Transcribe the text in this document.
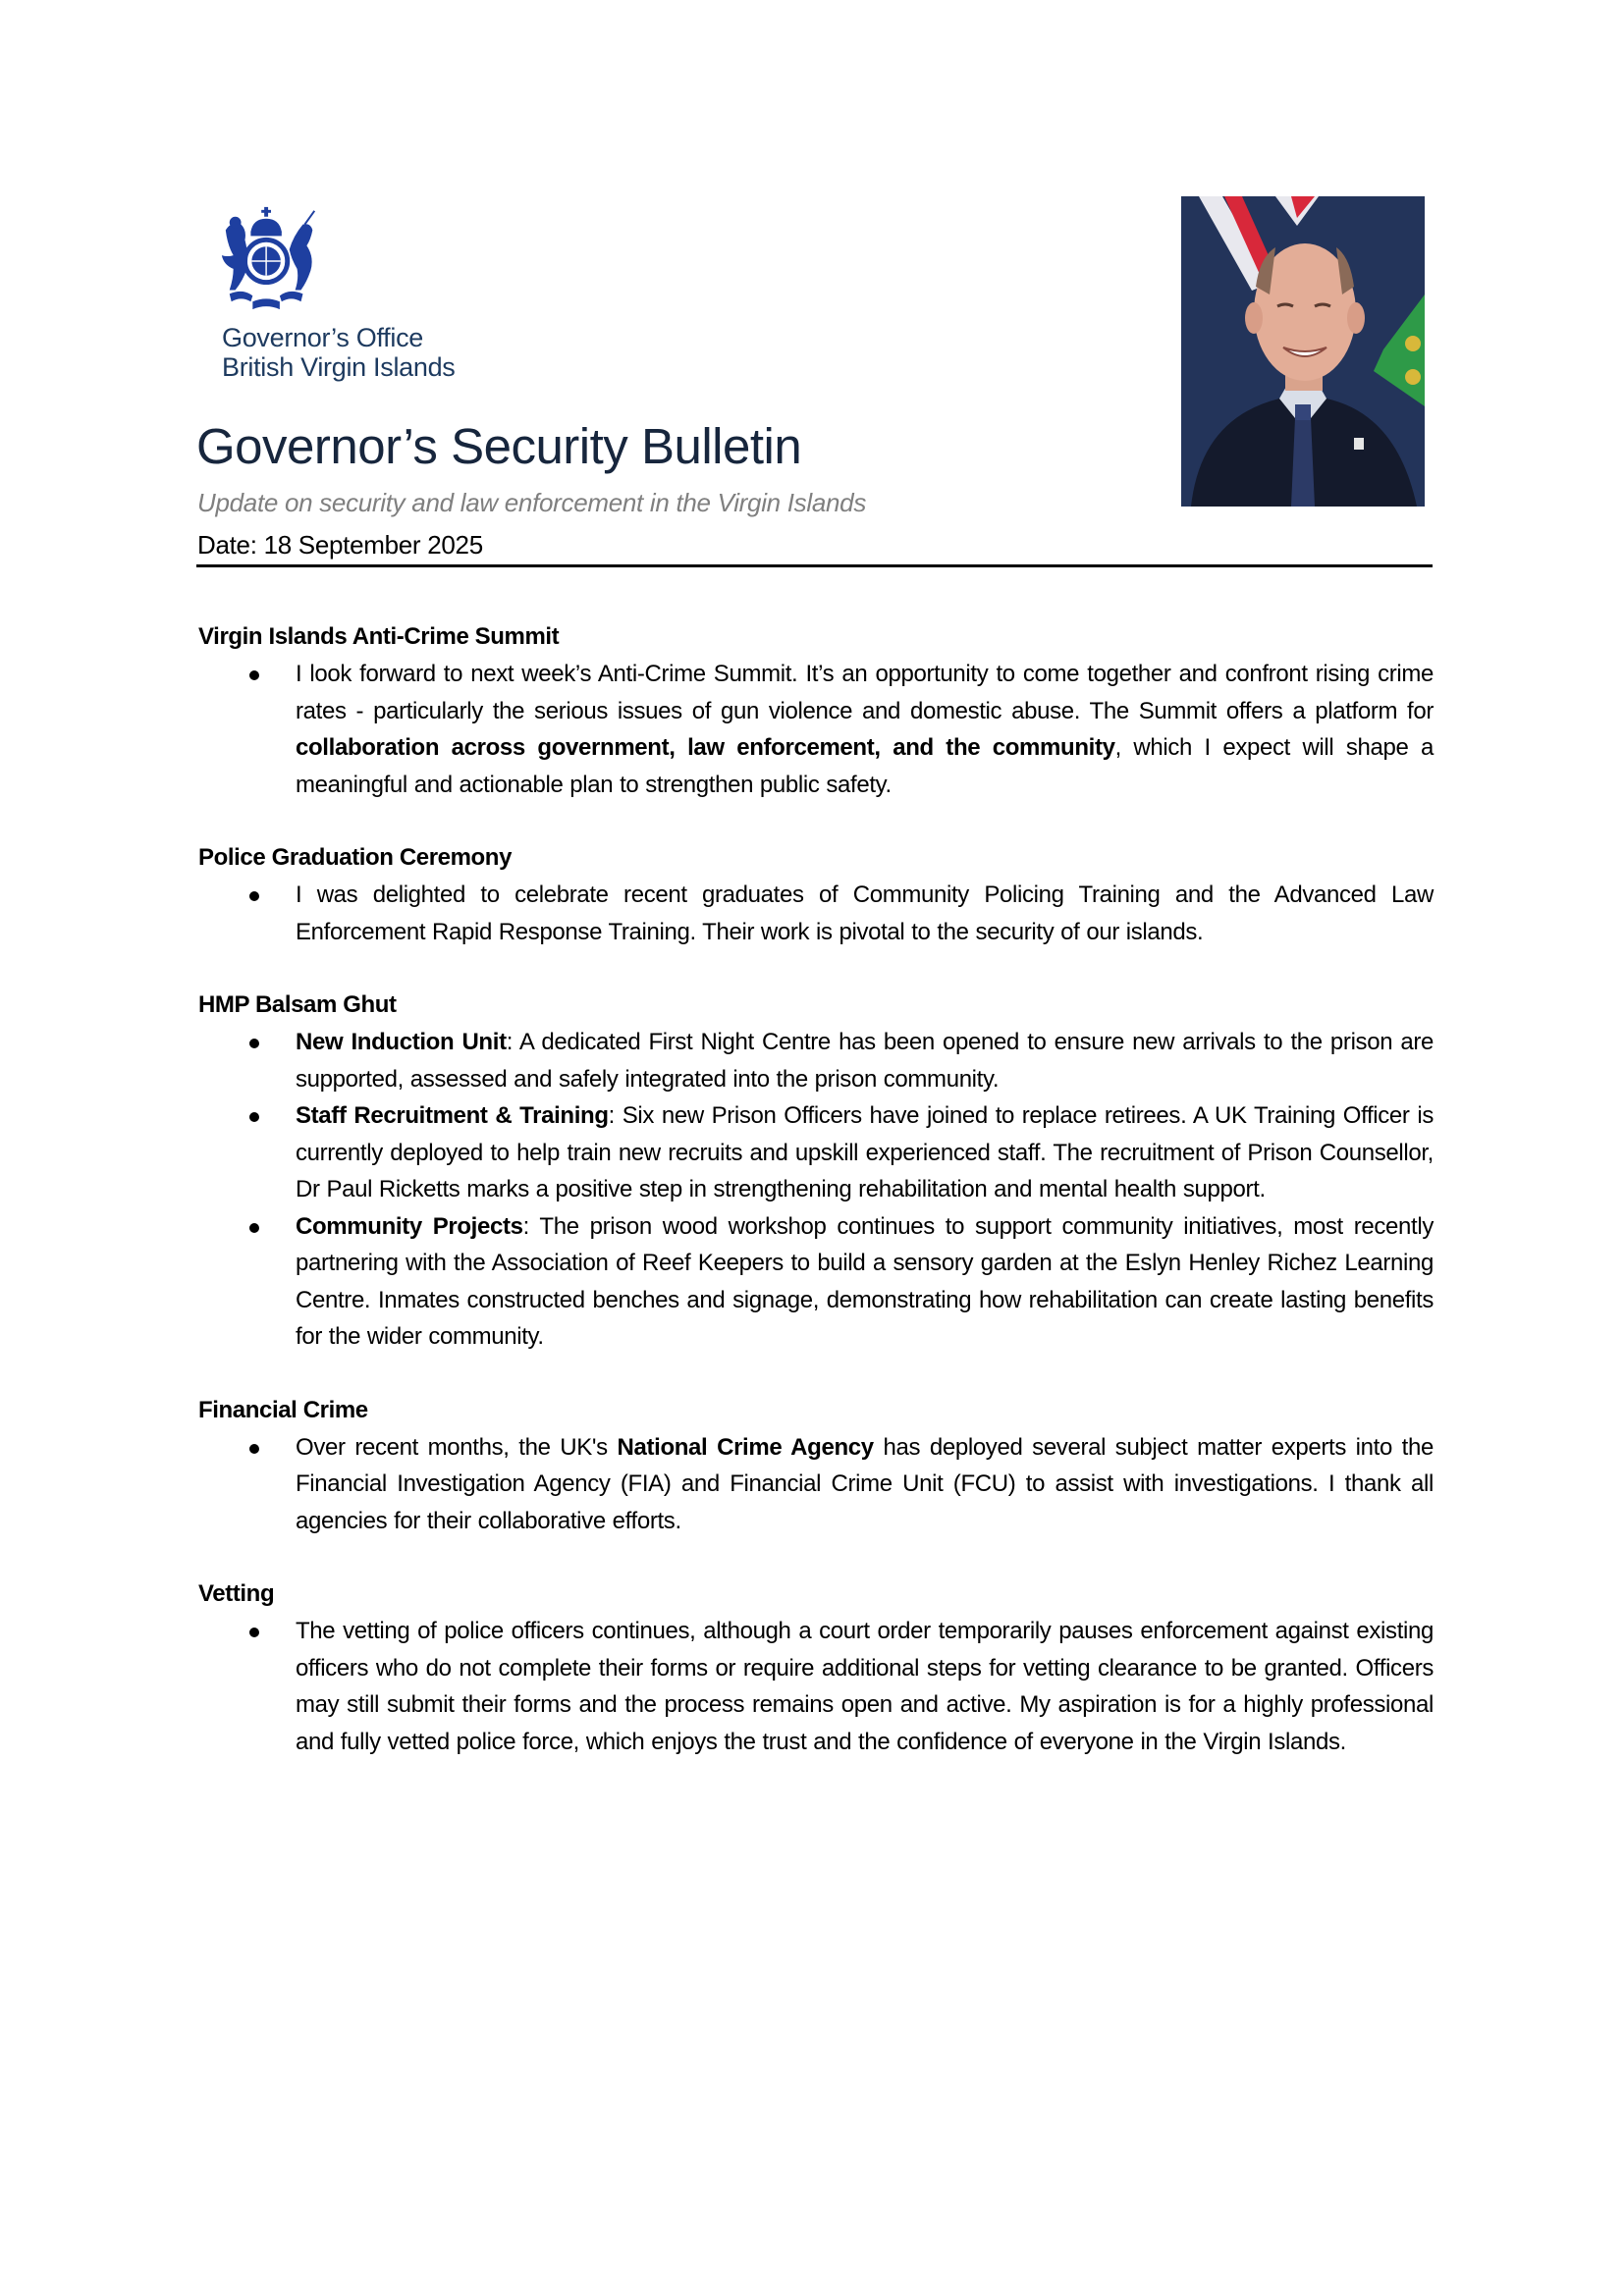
Governor’s Office
British Virgin Islands
Governor’s Security Bulletin
Update on security and law enforcement in the Virgin Islands
Date: 18 September 2025
Virgin Islands Anti-Crime Summit
I look forward to next week’s Anti-Crime Summit. It’s an opportunity to come together and confront rising crime rates - particularly the serious issues of gun violence and domestic abuse. The Summit offers a platform for collaboration across government, law enforcement, and the community, which I expect will shape a meaningful and actionable plan to strengthen public safety.
Police Graduation Ceremony
I was delighted to celebrate recent graduates of Community Policing Training and the Advanced Law Enforcement Rapid Response Training. Their work is pivotal to the security of our islands.
HMP Balsam Ghut
New Induction Unit: A dedicated First Night Centre has been opened to ensure new arrivals to the prison are supported, assessed and safely integrated into the prison community.
Staff Recruitment & Training: Six new Prison Officers have joined to replace retirees. A UK Training Officer is currently deployed to help train new recruits and upskill experienced staff. The recruitment of Prison Counsellor, Dr Paul Ricketts marks a positive step in strengthening rehabilitation and mental health support.
Community Projects: The prison wood workshop continues to support community initiatives, most recently partnering with the Association of Reef Keepers to build a sensory garden at the Eslyn Henley Richez Learning Centre. Inmates constructed benches and signage, demonstrating how rehabilitation can create lasting benefits for the wider community.
Financial Crime
Over recent months, the UK's National Crime Agency has deployed several subject matter experts into the Financial Investigation Agency (FIA) and Financial Crime Unit (FCU) to assist with investigations. I thank all agencies for their collaborative efforts.
Vetting
The vetting of police officers continues, although a court order temporarily pauses enforcement against existing officers who do not complete their forms or require additional steps for vetting clearance to be granted. Officers may still submit their forms and the process remains open and active. My aspiration is for a highly professional and fully vetted police force, which enjoys the trust and the confidence of everyone in the Virgin Islands.
